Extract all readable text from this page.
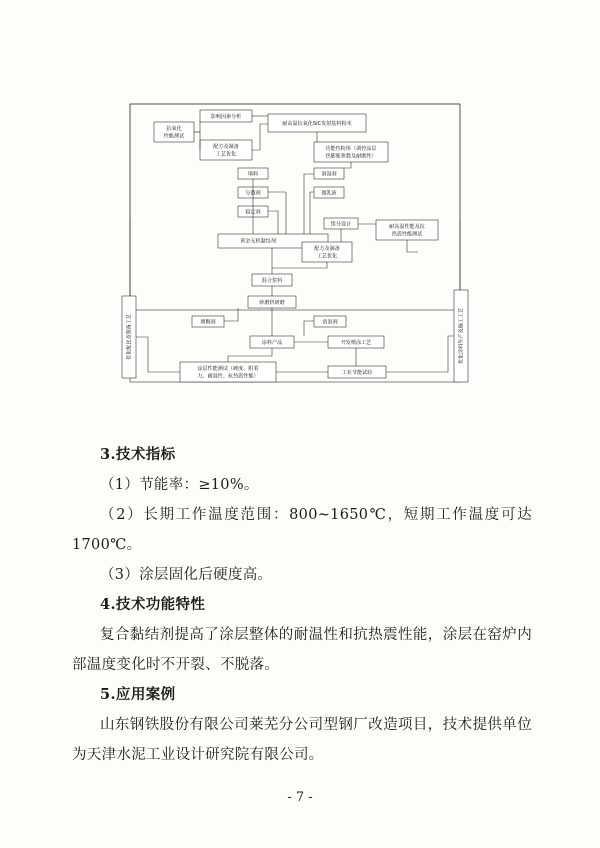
优化配比及制备工艺	优化涂料生产及施工工艺
影响因素分析
抗氧化
性能测试
配方及制备
工艺优化
耐高温抗氧化SiC发射基料粉末
功能性粉体（调控涂层
热膨胀系数及耐磨性）
填料	润湿剂
分散剂	微乳液
稳定剂
组分设计	耐高温性能及抗
热震性能测试
黄金无机黏结剂
配方及制备
工艺优化
混合浆料
砂磨机研磨
增稠剂	消泡剂
涂料产品	开发喷涂工艺
涂层性能测试（硬度、附着
力、耐温性、抗热震性能）
工业节能试验
3.技术指标

（1）节能率：≥10%。

（2）长期工作温度范围：800~1650℃，短期工作温度可达1700℃。

（3）涂层固化后硬度高。

4.技术功能特性

复合黏结剂提高了涂层整体的耐温性和抗热震性能，涂层在窑炉内部温度变化时不开裂、不脱落。

5.应用案例

山东钢铁股份有限公司莱芜分公司型钢厂改造项目，技术提供单位为天津水泥工业设计研究院有限公司。

- 7 -
